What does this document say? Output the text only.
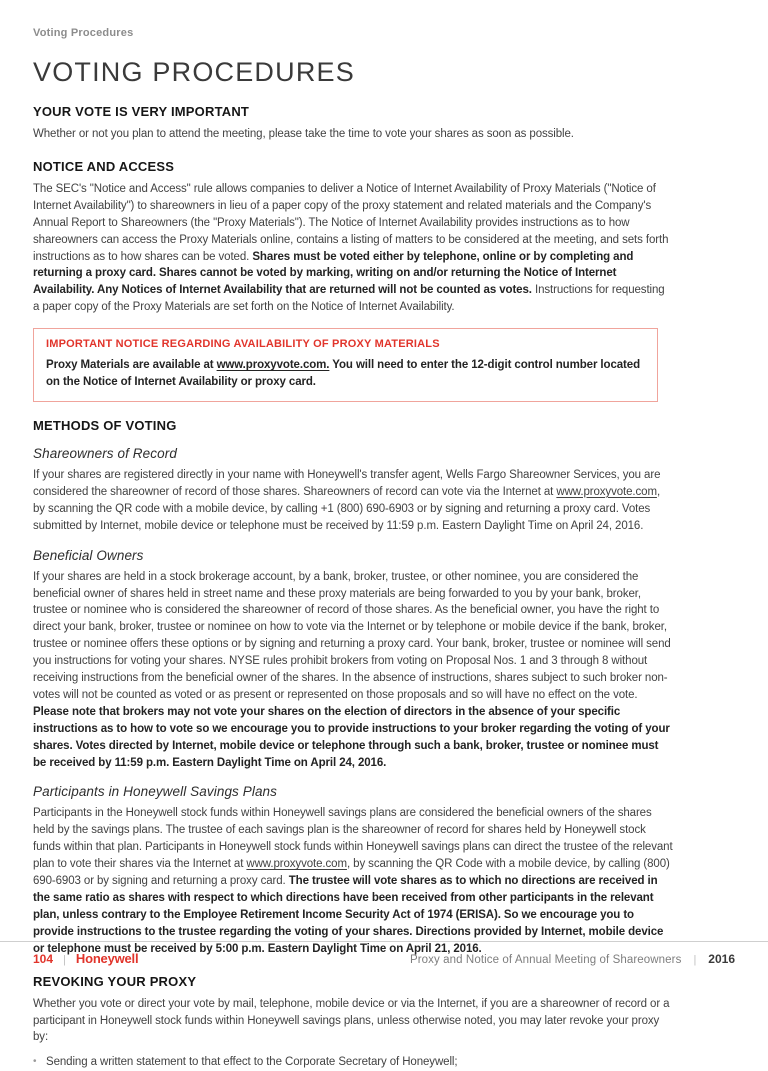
Voting Procedures
VOTING PROCEDURES
YOUR VOTE IS VERY IMPORTANT

Whether or not you plan to attend the meeting, please take the time to vote your shares as soon as possible.

NOTICE AND ACCESS

The SEC's "Notice and Access" rule allows companies to deliver a Notice of Internet Availability of Proxy Materials ("Notice of Internet Availability") to shareowners in lieu of a paper copy of the proxy statement and related materials and the Company's Annual Report to Shareowners (the "Proxy Materials"). The Notice of Internet Availability provides instructions as to how shareowners can access the Proxy Materials online, contains a listing of matters to be considered at the meeting, and sets forth instructions as to how shares can be voted. Shares must be voted either by telephone, online or by completing and returning a proxy card. Shares cannot be voted by marking, writing on and/or returning the Notice of Internet Availability. Any Notices of Internet Availability that are returned will not be counted as votes. Instructions for requesting a paper copy of the Proxy Materials are set forth on the Notice of Internet Availability.

IMPORTANT NOTICE REGARDING AVAILABILITY OF PROXY MATERIALS
Proxy Materials are available at www.proxyvote.com. You will need to enter the 12-digit control number located on the Notice of Internet Availability or proxy card.
METHODS OF VOTING
Shareowners of Record

If your shares are registered directly in your name with Honeywell's transfer agent, Wells Fargo Shareowner Services, you are considered the shareowner of record of those shares. Shareowners of record can vote via the Internet at www.proxyvote.com, by scanning the QR code with a mobile device, by calling +1 (800) 690-6903 or by signing and returning a proxy card. Votes submitted by Internet, mobile device or telephone must be received by 11:59 p.m. Eastern Daylight Time on April 24, 2016.

Beneficial Owners

If your shares are held in a stock brokerage account, by a bank, broker, trustee, or other nominee, you are considered the beneficial owner of shares held in street name and these proxy materials are being forwarded to you by your bank, broker, trustee or nominee who is considered the shareowner of record of those shares. As the beneficial owner, you have the right to direct your bank, broker, trustee or nominee on how to vote via the Internet or by telephone or mobile device if the bank, broker, trustee or nominee offers these options or by signing and returning a proxy card. Your bank, broker, trustee or nominee will send you instructions for voting your shares. NYSE rules prohibit brokers from voting on Proposal Nos. 1 and 3 through 8 without receiving instructions from the beneficial owner of the shares. In the absence of instructions, shares subject to such broker non-votes will not be counted as voted or as present or represented on those proposals and so will have no effect on the vote. Please note that brokers may not vote your shares on the election of directors in the absence of your specific instructions as to how to vote so we encourage you to provide instructions to your broker regarding the voting of your shares. Votes directed by Internet, mobile device or telephone through such a bank, broker, trustee or nominee must be received by 11:59 p.m. Eastern Daylight Time on April 24, 2016.

Participants in Honeywell Savings Plans

Participants in the Honeywell stock funds within Honeywell savings plans are considered the beneficial owners of the shares held by the savings plans. The trustee of each savings plan is the shareowner of record for shares held by Honeywell stock funds within that plan. Participants in Honeywell stock funds within Honeywell savings plans can direct the trustee of the relevant plan to vote their shares via the Internet at www.proxyvote.com, by scanning the QR Code with a mobile device, by calling (800) 690-6903 or by signing and returning a proxy card. The trustee will vote shares as to which no directions are received in the same ratio as shares with respect to which directions have been received from other participants in the relevant plan, unless contrary to the Employee Retirement Income Security Act of 1974 (ERISA). So we encourage you to provide instructions to the trustee regarding the voting of your shares. Directions provided by Internet, mobile device or telephone must be received by 5:00 p.m. Eastern Daylight Time on April 21, 2016.

REVOKING YOUR PROXY

Whether you vote or direct your vote by mail, telephone, mobile device or via the Internet, if you are a shareowner of record or a participant in Honeywell stock funds within Honeywell savings plans, unless otherwise noted, you may later revoke your proxy by:

• Sending a written statement to that effect to the Corporate Secretary of Honeywell;
104 | Honeywell	Proxy and Notice of Annual Meeting of Shareowners | 2016
